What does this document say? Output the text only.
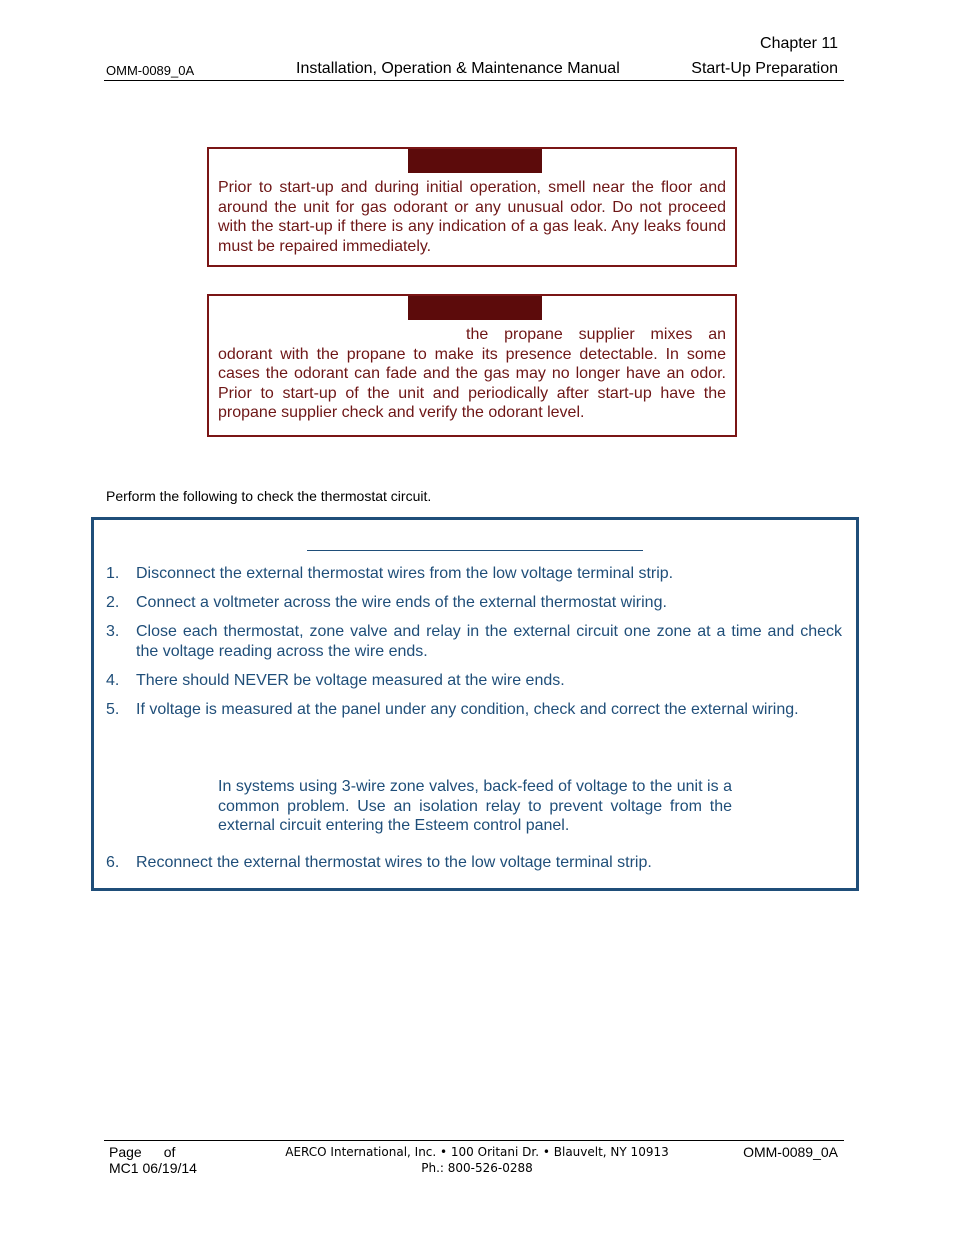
Chapter 11
OMM-0089_0A	Installation, Operation & Maintenance Manual	Start-Up Preparation
Prior to start-up and during initial operation, smell near the floor and around the unit for gas odorant or any unusual odor. Do not proceed with the start-up if there is any indication of a gas leak. Any leaks found must be repaired immediately.
the propane supplier mixes an odorant with the propane to make its presence detectable. In some cases the odorant can fade and the gas may no longer have an odor. Prior to start-up of the unit and periodically after start-up have the propane supplier check and verify the odorant level.
Perform the following to check the thermostat circuit.
1.	Disconnect the external thermostat wires from the low voltage terminal strip.
2.	Connect a voltmeter across the wire ends of the external thermostat wiring.
3.	Close each thermostat, zone valve and relay in the external circuit one zone at a time and check the voltage reading across the wire ends.
4.	There should NEVER be voltage measured at the wire ends.
5.	If voltage is measured at the panel under any condition, check and correct the external wiring.
6.	Reconnect the external thermostat wires to the low voltage terminal strip.
In systems using 3-wire zone valves, back-feed of voltage to the unit is a common problem. Use an isolation relay to prevent voltage from the external circuit entering the Esteem control panel.
Page of
MC1 06/19/14
AERCO International, Inc. • 100 Oritani Dr. • Blauvelt, NY 10913
Ph.: 800-526-0288
OMM-0089_0A
